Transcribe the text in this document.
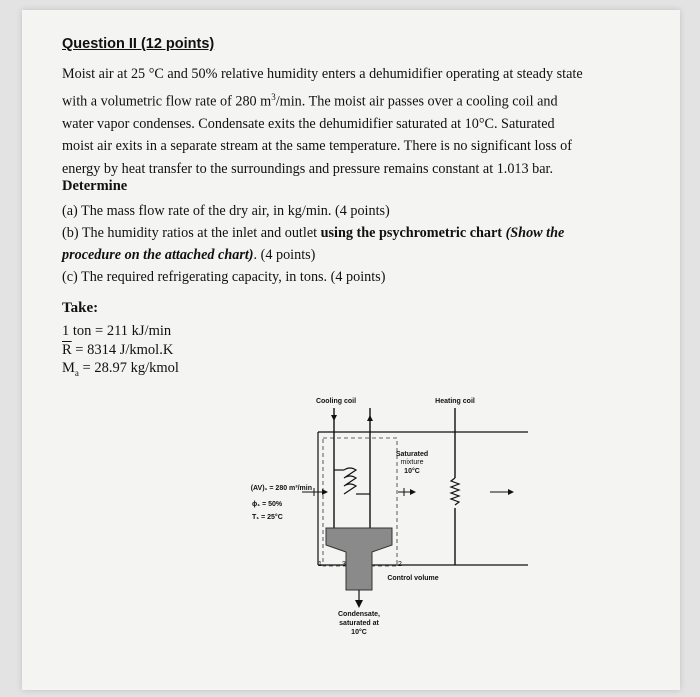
Question II (12 points)
Moist air at 25 °C and 50% relative humidity enters a dehumidifier operating at steady state
with a volumetric flow rate of 280 $m^3/\min$. The moist air passes over a cooling coil and
water vapor condenses. Condensate exits the dehumidifier saturated at 10°C. Saturated
moist air exits in a separate stream at the same temperature. There is no significant loss of
energy by heat transfer to the surroundings and pressure remains constant at 1.013 bar.
Determine
(a) The mass flow rate of the dry air, in kg/min. (4 points)
(b) The humidity ratios at the inlet and outlet using the psychrometric chart (Show the
procedure on the attached chart). (4 points)
(c) The required refrigerating capacity, in tons. (4 points)
Take:
1 ton = 211 kJ/min
$\overline{R} = 8314$ J/kmol.K
$M_a = 28.97$ kg/kmol
Cooling coil	Heating coil
Saturated
mixture
10°C
(AV)₁ = 280 m³/min
ϕ₁ = 50%
T₁ = 25°C
1	3	2
Control volume
Condensate,
saturated at
10°C
